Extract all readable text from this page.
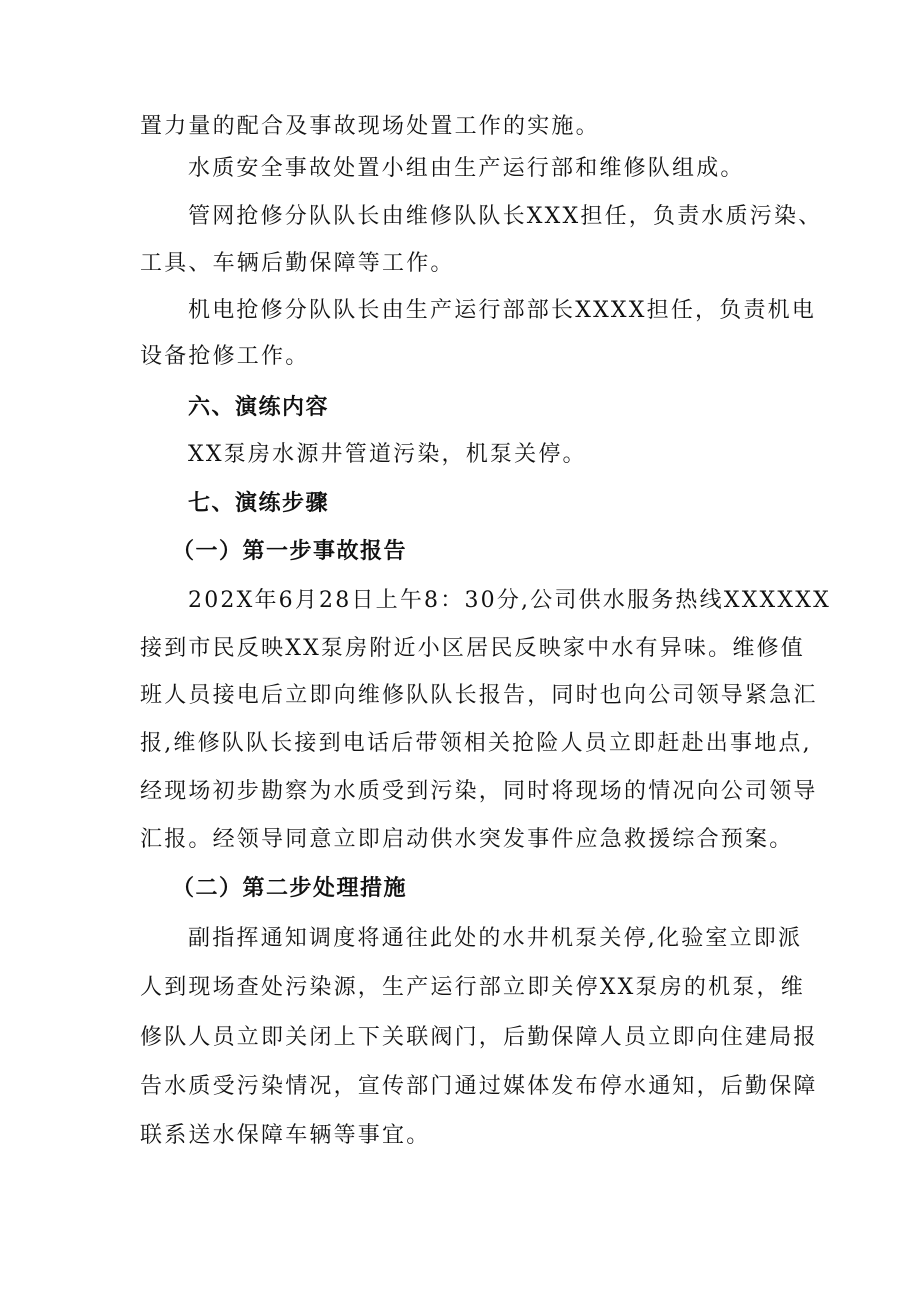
置力量的配合及事故现场处置工作的实施。
水质安全事故处置小组由生产运行部和维修队组成。
管网抢修分队队长由维修队队长XXX担任，负责水质污染、
工具、车辆后勤保障等工作。
机电抢修分队队长由生产运行部部长XXXX担任，负责机电
设备抢修工作。
六、演练内容
XX泵房水源井管道污染，机泵关停。
七、演练步骤
（一）第一步事故报告
202X年6月28日上午8：30分,公司供水服务热线XXXXXX
接到市民反映XX泵房附近小区居民反映家中水有异味。维修值
班人员接电后立即向维修队队长报告，同时也向公司领导紧急汇
报,维修队队长接到电话后带领相关抢险人员立即赶赴出事地点,
经现场初步勘察为水质受到污染，同时将现场的情况向公司领导
汇报。经领导同意立即启动供水突发事件应急救援综合预案。
（二）第二步处理措施
副指挥通知调度将通往此处的水井机泵关停,化验室立即派
人到现场查处污染源，生产运行部立即关停XX泵房的机泵，维
修队人员立即关闭上下关联阀门，后勤保障人员立即向住建局报
告水质受污染情况，宣传部门通过媒体发布停水通知，后勤保障
联系送水保障车辆等事宜。
